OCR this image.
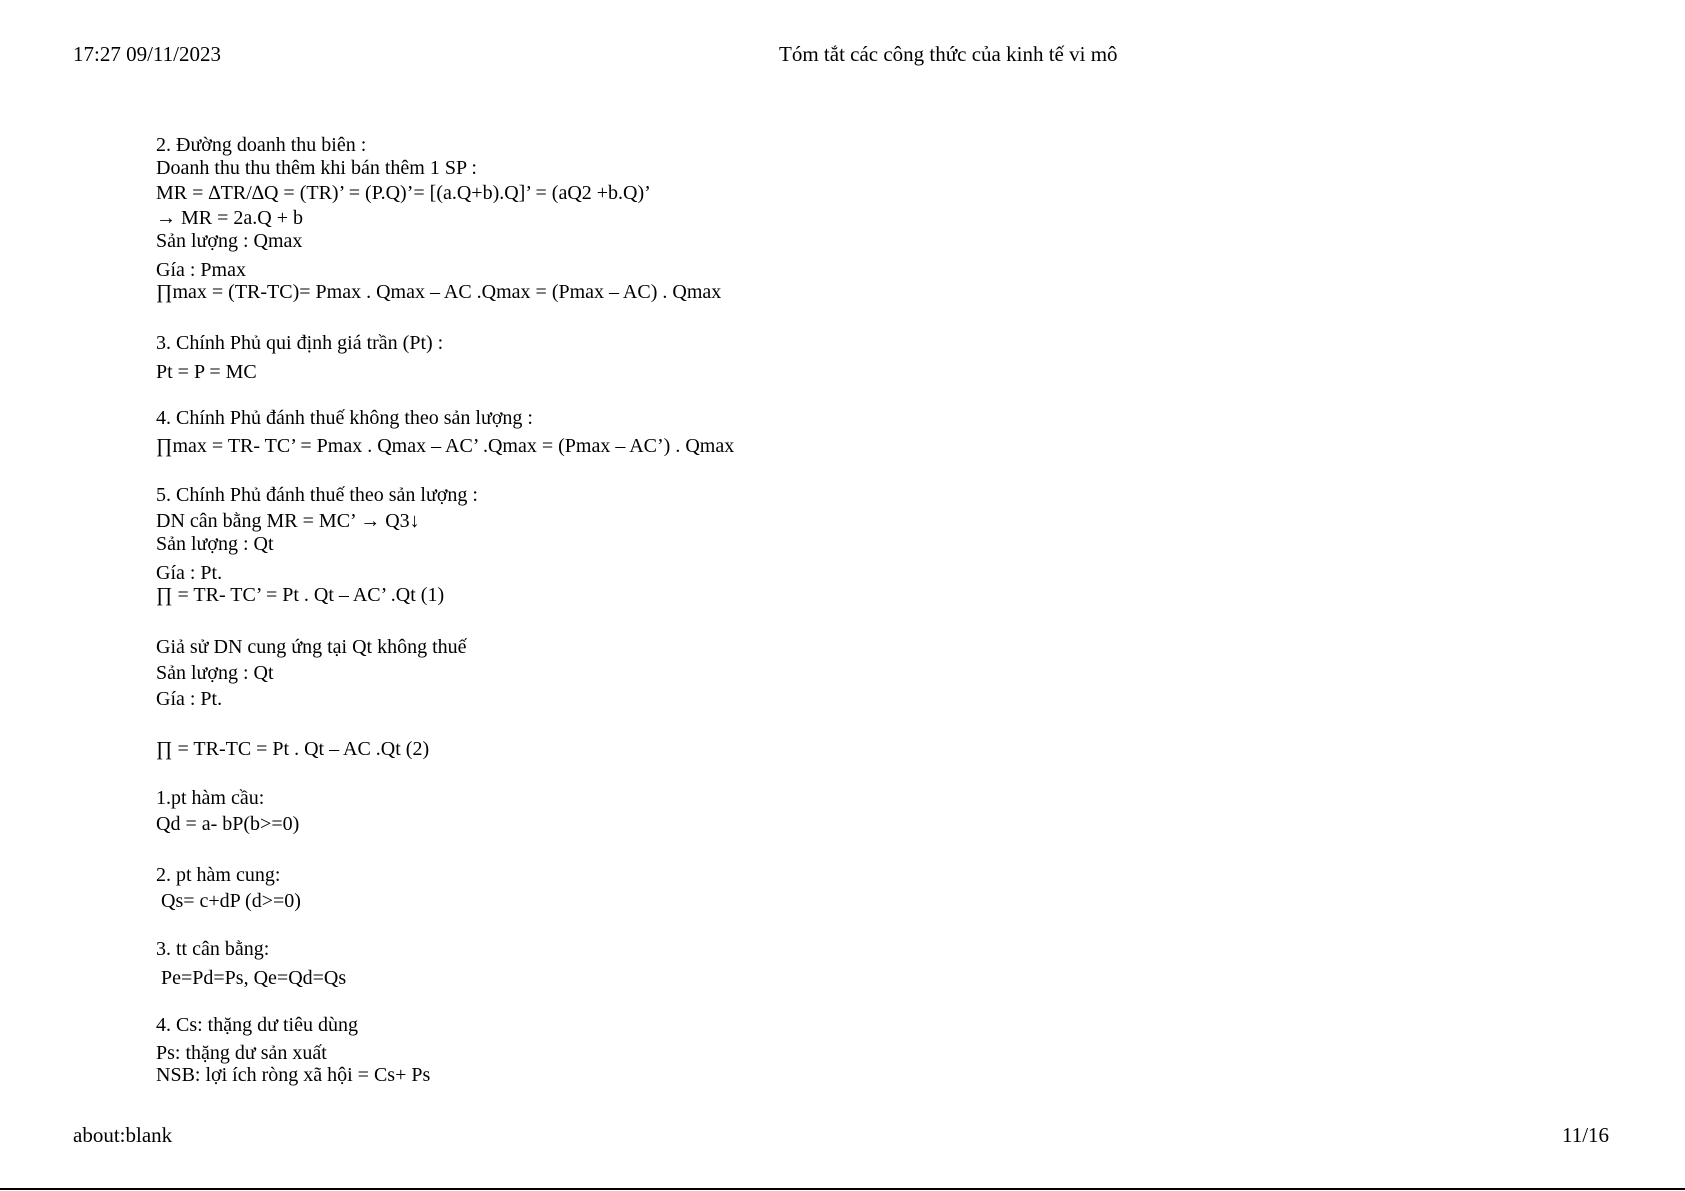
17:27 09/11/2023	Tóm tắt các công thức của kinh tế vi mô
2. Đường doanh thu biên :
Doanh thu thu thêm khi bán thêm 1 SP :
MR = ∆TR/∆Q = (TR)’ = (P.Q)’= [(a.Q+b).Q]’ = (aQ2 +b.Q)’
→ MR = 2a.Q + b
Sản lượng : Qmax
Gía : Pmax
∏max = (TR-TC)= Pmax . Qmax – AC .Qmax = (Pmax – AC) . Qmax
3. Chính Phủ qui định giá trần (Pt) :
Pt = P = MC
4. Chính Phủ đánh thuế không theo sản lượng :
∏max = TR- TC’ = Pmax . Qmax – AC’ .Qmax = (Pmax – AC’) . Qmax
5. Chính Phủ đánh thuế theo sản lượng :
DN cân bằng MR = MC’ → Q3↓
Sản lượng : Qt
Gía : Pt.
∏ = TR- TC’ = Pt . Qt – AC’ .Qt (1)
Giả sử DN cung ứng tại Qt không thuế
Sản lượng : Qt
Gía : Pt.
∏ = TR-TC = Pt . Qt – AC .Qt (2)
1.pt hàm cầu:
Qd = a- bP(b>=0)
2. pt hàm cung:
Qs= c+dP (d>=0)
3. tt cân bằng:
Pe=Pd=Ps, Qe=Qd=Qs
4. Cs: thặng dư tiêu dùng
Ps: thặng dư sản xuất
NSB: lợi ích ròng xã hội = Cs+ Ps
about:blank	11/16
